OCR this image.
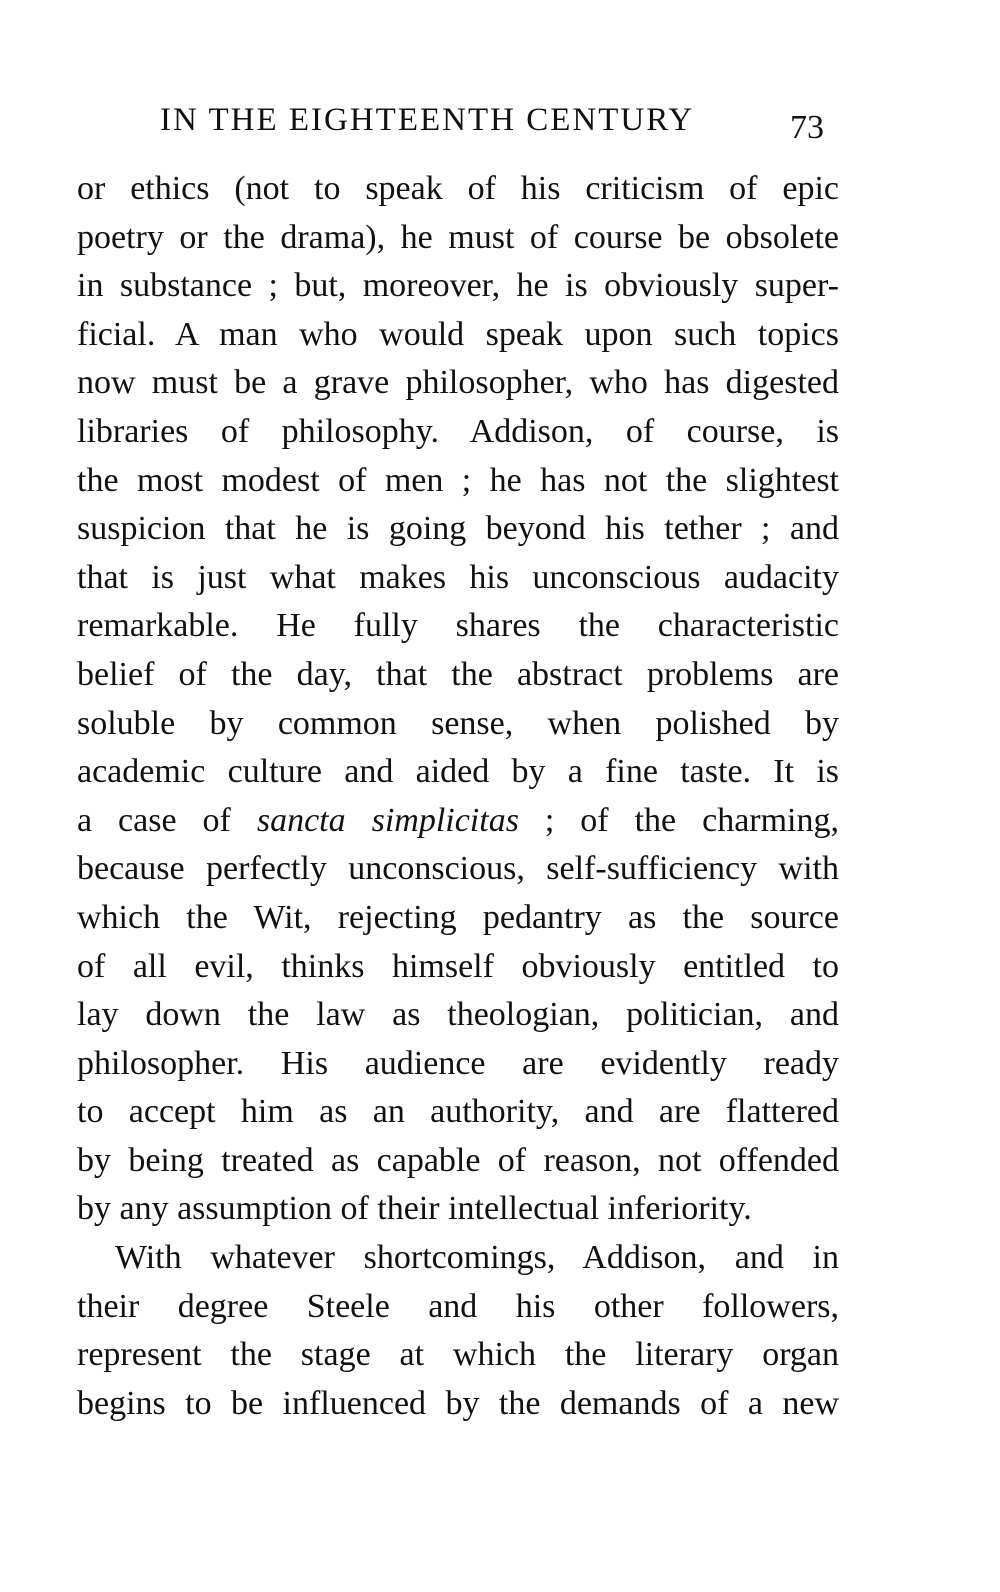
IN THE EIGHTEENTH CENTURY	73
or ethics (not to speak of his criticism of epic
poetry or the drama), he must of course be obsolete
in substance ; but, moreover, he is obviously super-
ficial. A man who would speak upon such topics
now must be a grave philosopher, who has digested
libraries of philosophy. Addison, of course, is
the most modest of men ; he has not the slightest
suspicion that he is going beyond his tether ; and
that is just what makes his unconscious audacity
remarkable. He fully shares the characteristic
belief of the day, that the abstract problems are
soluble by common sense, when polished by
academic culture and aided by a fine taste. It is
a case of sancta simplicitas ; of the charming,
because perfectly unconscious, self-sufficiency with
which the Wit, rejecting pedantry as the source
of all evil, thinks himself obviously entitled to
lay down the law as theologian, politician, and
philosopher. His audience are evidently ready
to accept him as an authority, and are flattered
by being treated as capable of reason, not offended
by any assumption of their intellectual inferiority.
With whatever shortcomings, Addison, and in
their degree Steele and his other followers,
represent the stage at which the literary organ
begins to be influenced by the demands of a new
